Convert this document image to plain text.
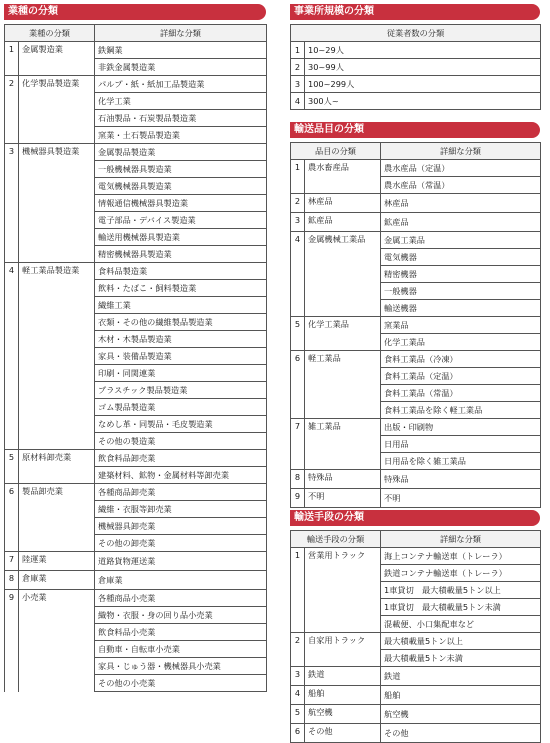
業種の分類
業種の分類		詳細な分類
1	金属製造業	鉄鋼業
		非鉄金属製造業
2	化学製品製造業	パルプ・紙・紙加工品製造業
		化学工業
		石油製品・石炭製品製造業
		窯業・土石製品製造業
3	機械器具製造業	金属製品製造業
		一般機械器具製造業
		電気機械器具製造業
		情報通信機械器具製造業
		電子部品・デバイス製造業
		輸送用機械器具製造業
		精密機械器具製造業
4	軽工業品製造業	食料品製造業
		飲料・たばこ・飼料製造業
		繊維工業
		衣類・その他の繊維製品製造業
		木材・木製品製造業
		家具・装備品製造業
		印刷・同関連業
		プラスチック製品製造業
		ゴム製品製造業
		なめし革・同製品・毛皮製造業
		その他の製造業
5	原材料卸売業	飲食料品卸売業
		建築材料、鉱物・金属材料等卸売業
6	製品卸売業	各種商品卸売業
		繊維・衣服等卸売業
		機械器具卸売業
		その他の卸売業
7	陸運業	道路貨物運送業
8	倉庫業	倉庫業
9	小売業	各種商品小売業
		織物・衣服・身の回り品小売業
		飲食料品小売業
		自動車・自転車小売業
		家具・じゅう器・機械器具小売業
		その他の小売業
事業所規模の分類
従業者数の分類	
1	10~29人
2	30~99人
3	100~299人
4	300人~
輸送品目の分類
品目の分類		詳細な分類
1	農水畜産品	農水産品（定温）
		農水産品（常温）
2	林産品	林産品
3	鉱産品	鉱産品
4	金属機械工業品	金属工業品
		電気機器
		精密機器
		一般機器
		輸送機器
5	化学工業品	窯業品
		化学工業品
6	軽工業品	食料工業品（冷凍）
		食料工業品（定温）
		食料工業品（常温）
		食料工業品を除く軽工業品
7	雑工業品	出版・印刷物
		日用品
		日用品を除く雑工業品
8	特殊品	特殊品
9	不明	不明
輸送手段の分類
輸送手段の分類		詳細な分類
1	営業用トラック	海上コンテナ輸送車（トレーラ）
		鉄道コンテナ輸送車（トレーラ）
		1車貸切　最大積載量5トン以上
		1車貸切　最大積載量5トン未満
		混載便、小口集配車など
2	自家用トラック	最大積載量5トン以上
		最大積載量5トン未満
3	鉄道	鉄道
4	船舶	船舶
5	航空機	航空機
6	その他	その他
